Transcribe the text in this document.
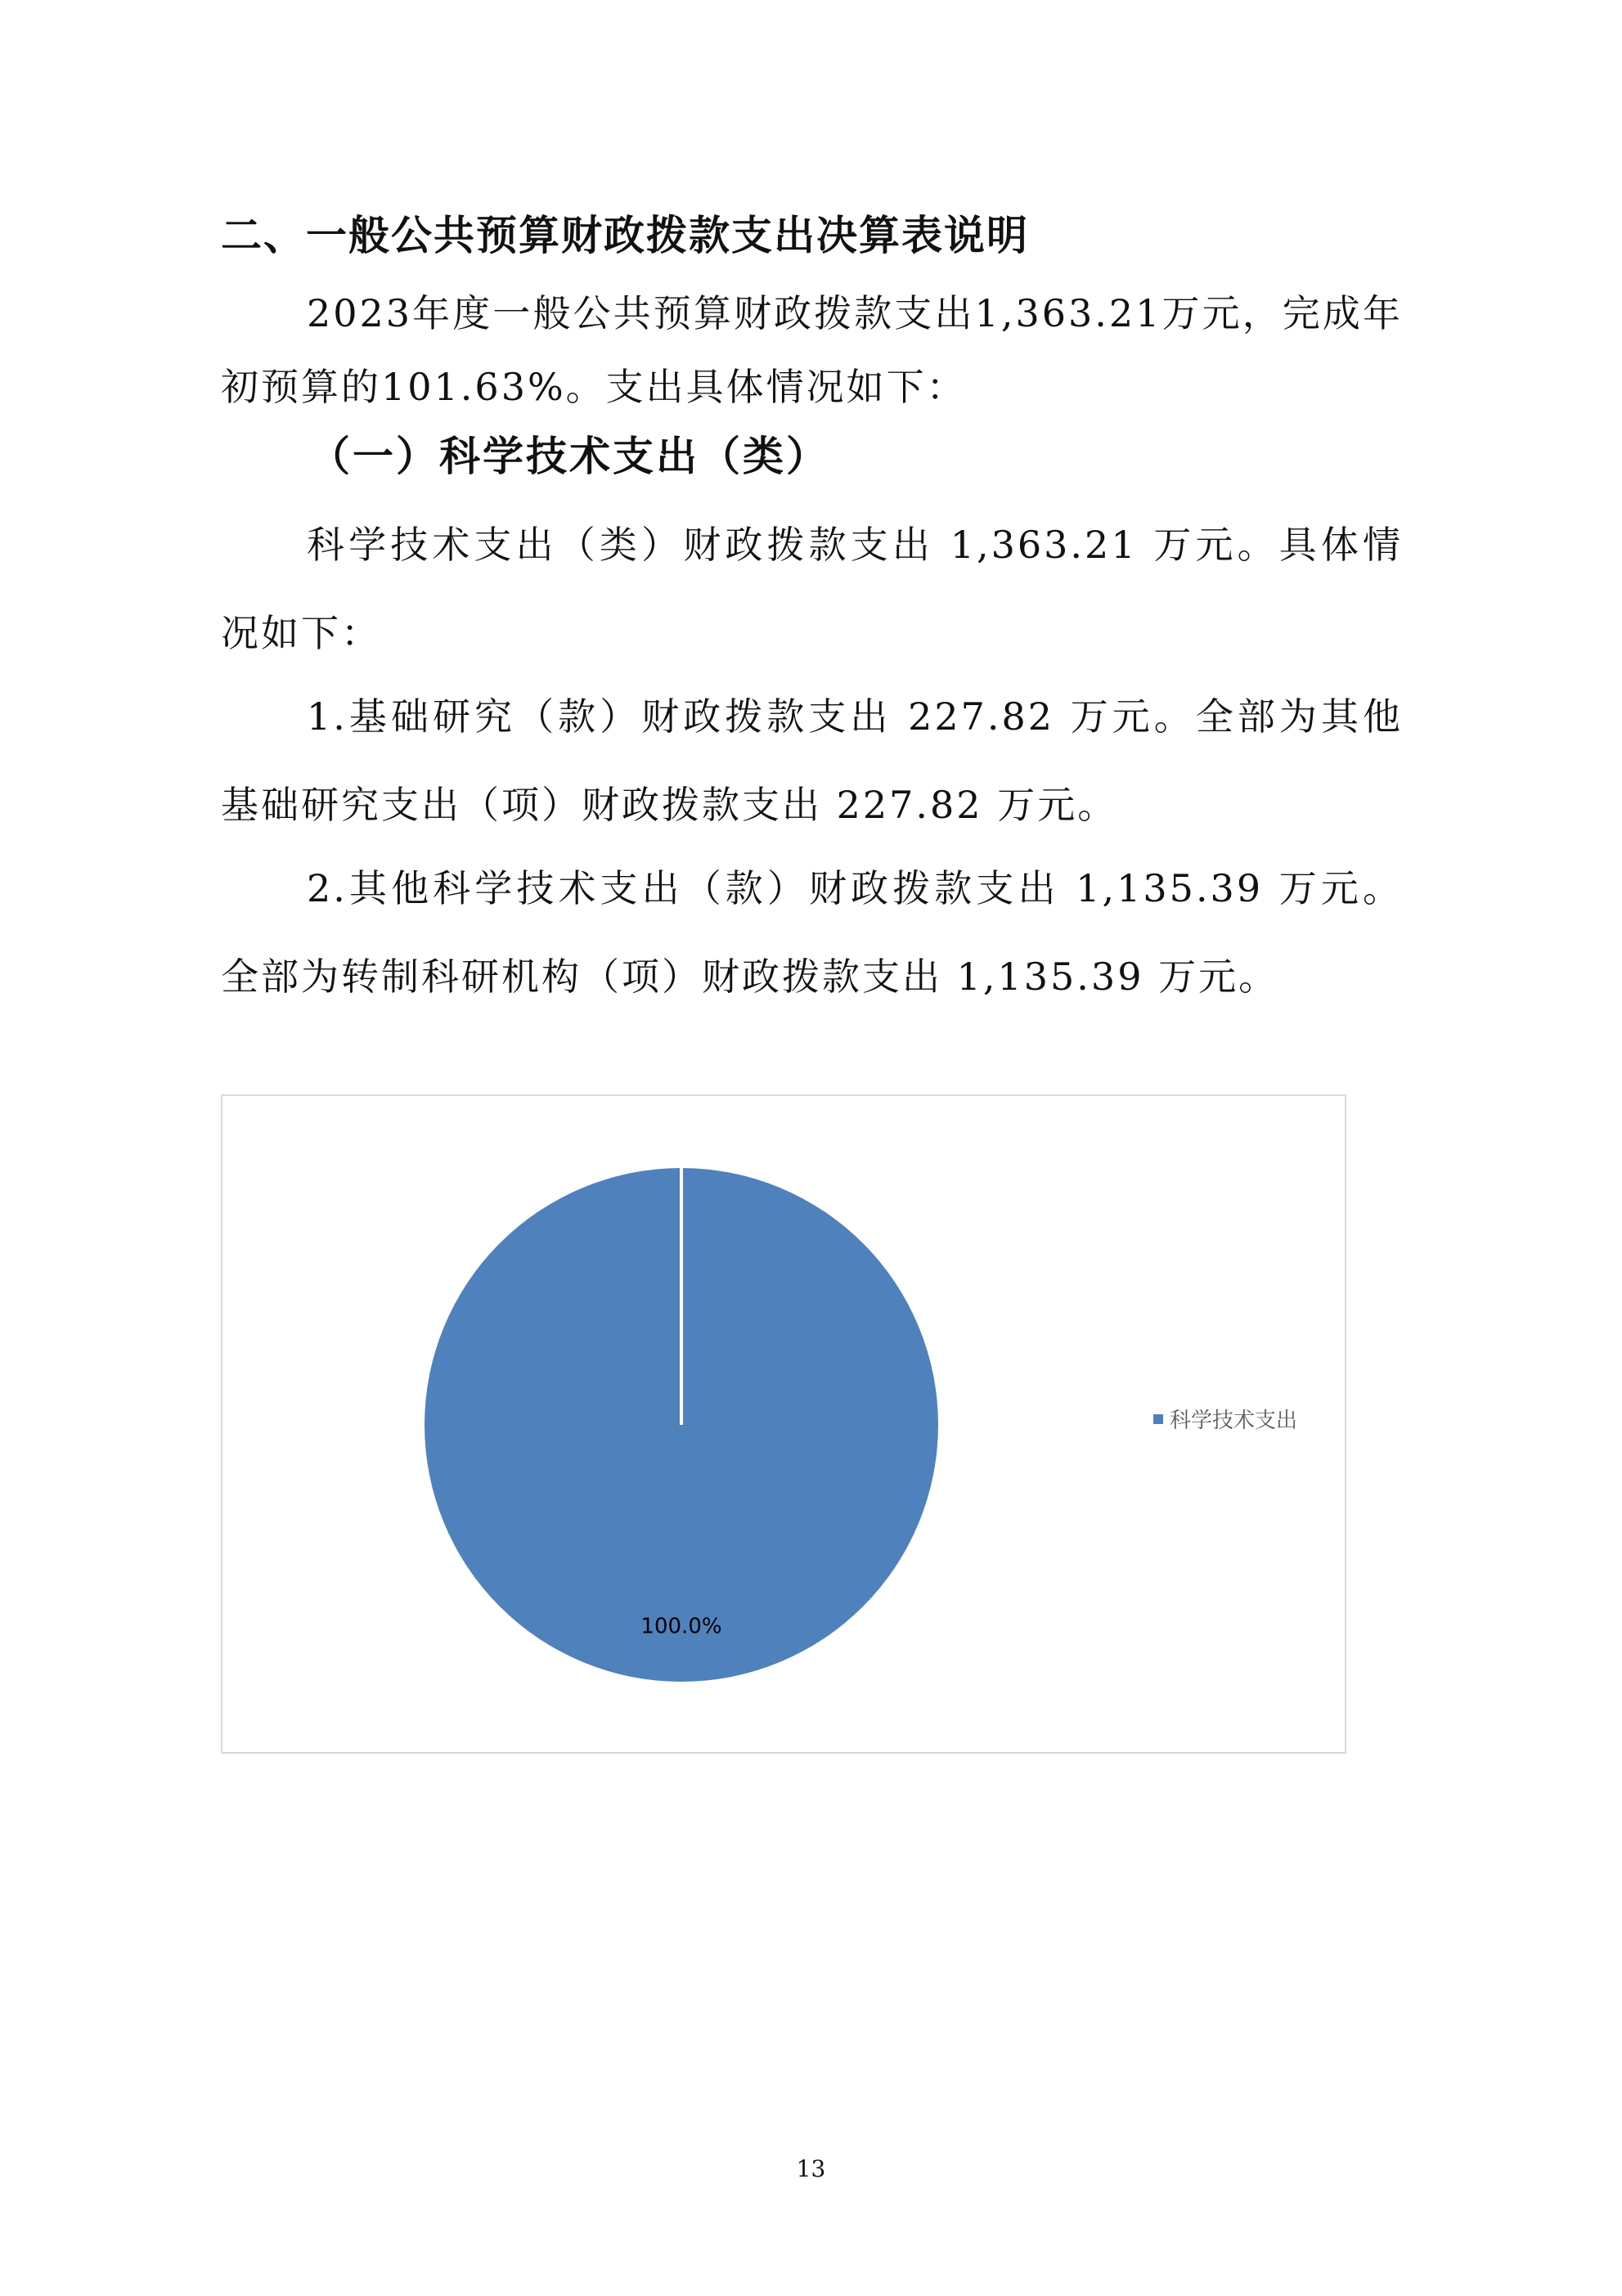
二、一般公共预算财政拨款支出决算表说明

2023年度一般公共预算财政拨款支出1,363.21万元，完成年初预算的101.63%。支出具体情况如下：

（一）科学技术支出（类）

科学技术支出（类）财政拨款支出 1,363.21 万元。具体情况如下：

1.基础研究（款）财政拨款支出 227.82 万元。全部为其他基础研究支出（项）财政拨款支出 227.82 万元。

2.其他科学技术支出（款）财政拨款支出 1,135.39 万元。全部为转制科研机构（项）财政拨款支出 1,135.39 万元。

100.0%
科学技术支出
13
